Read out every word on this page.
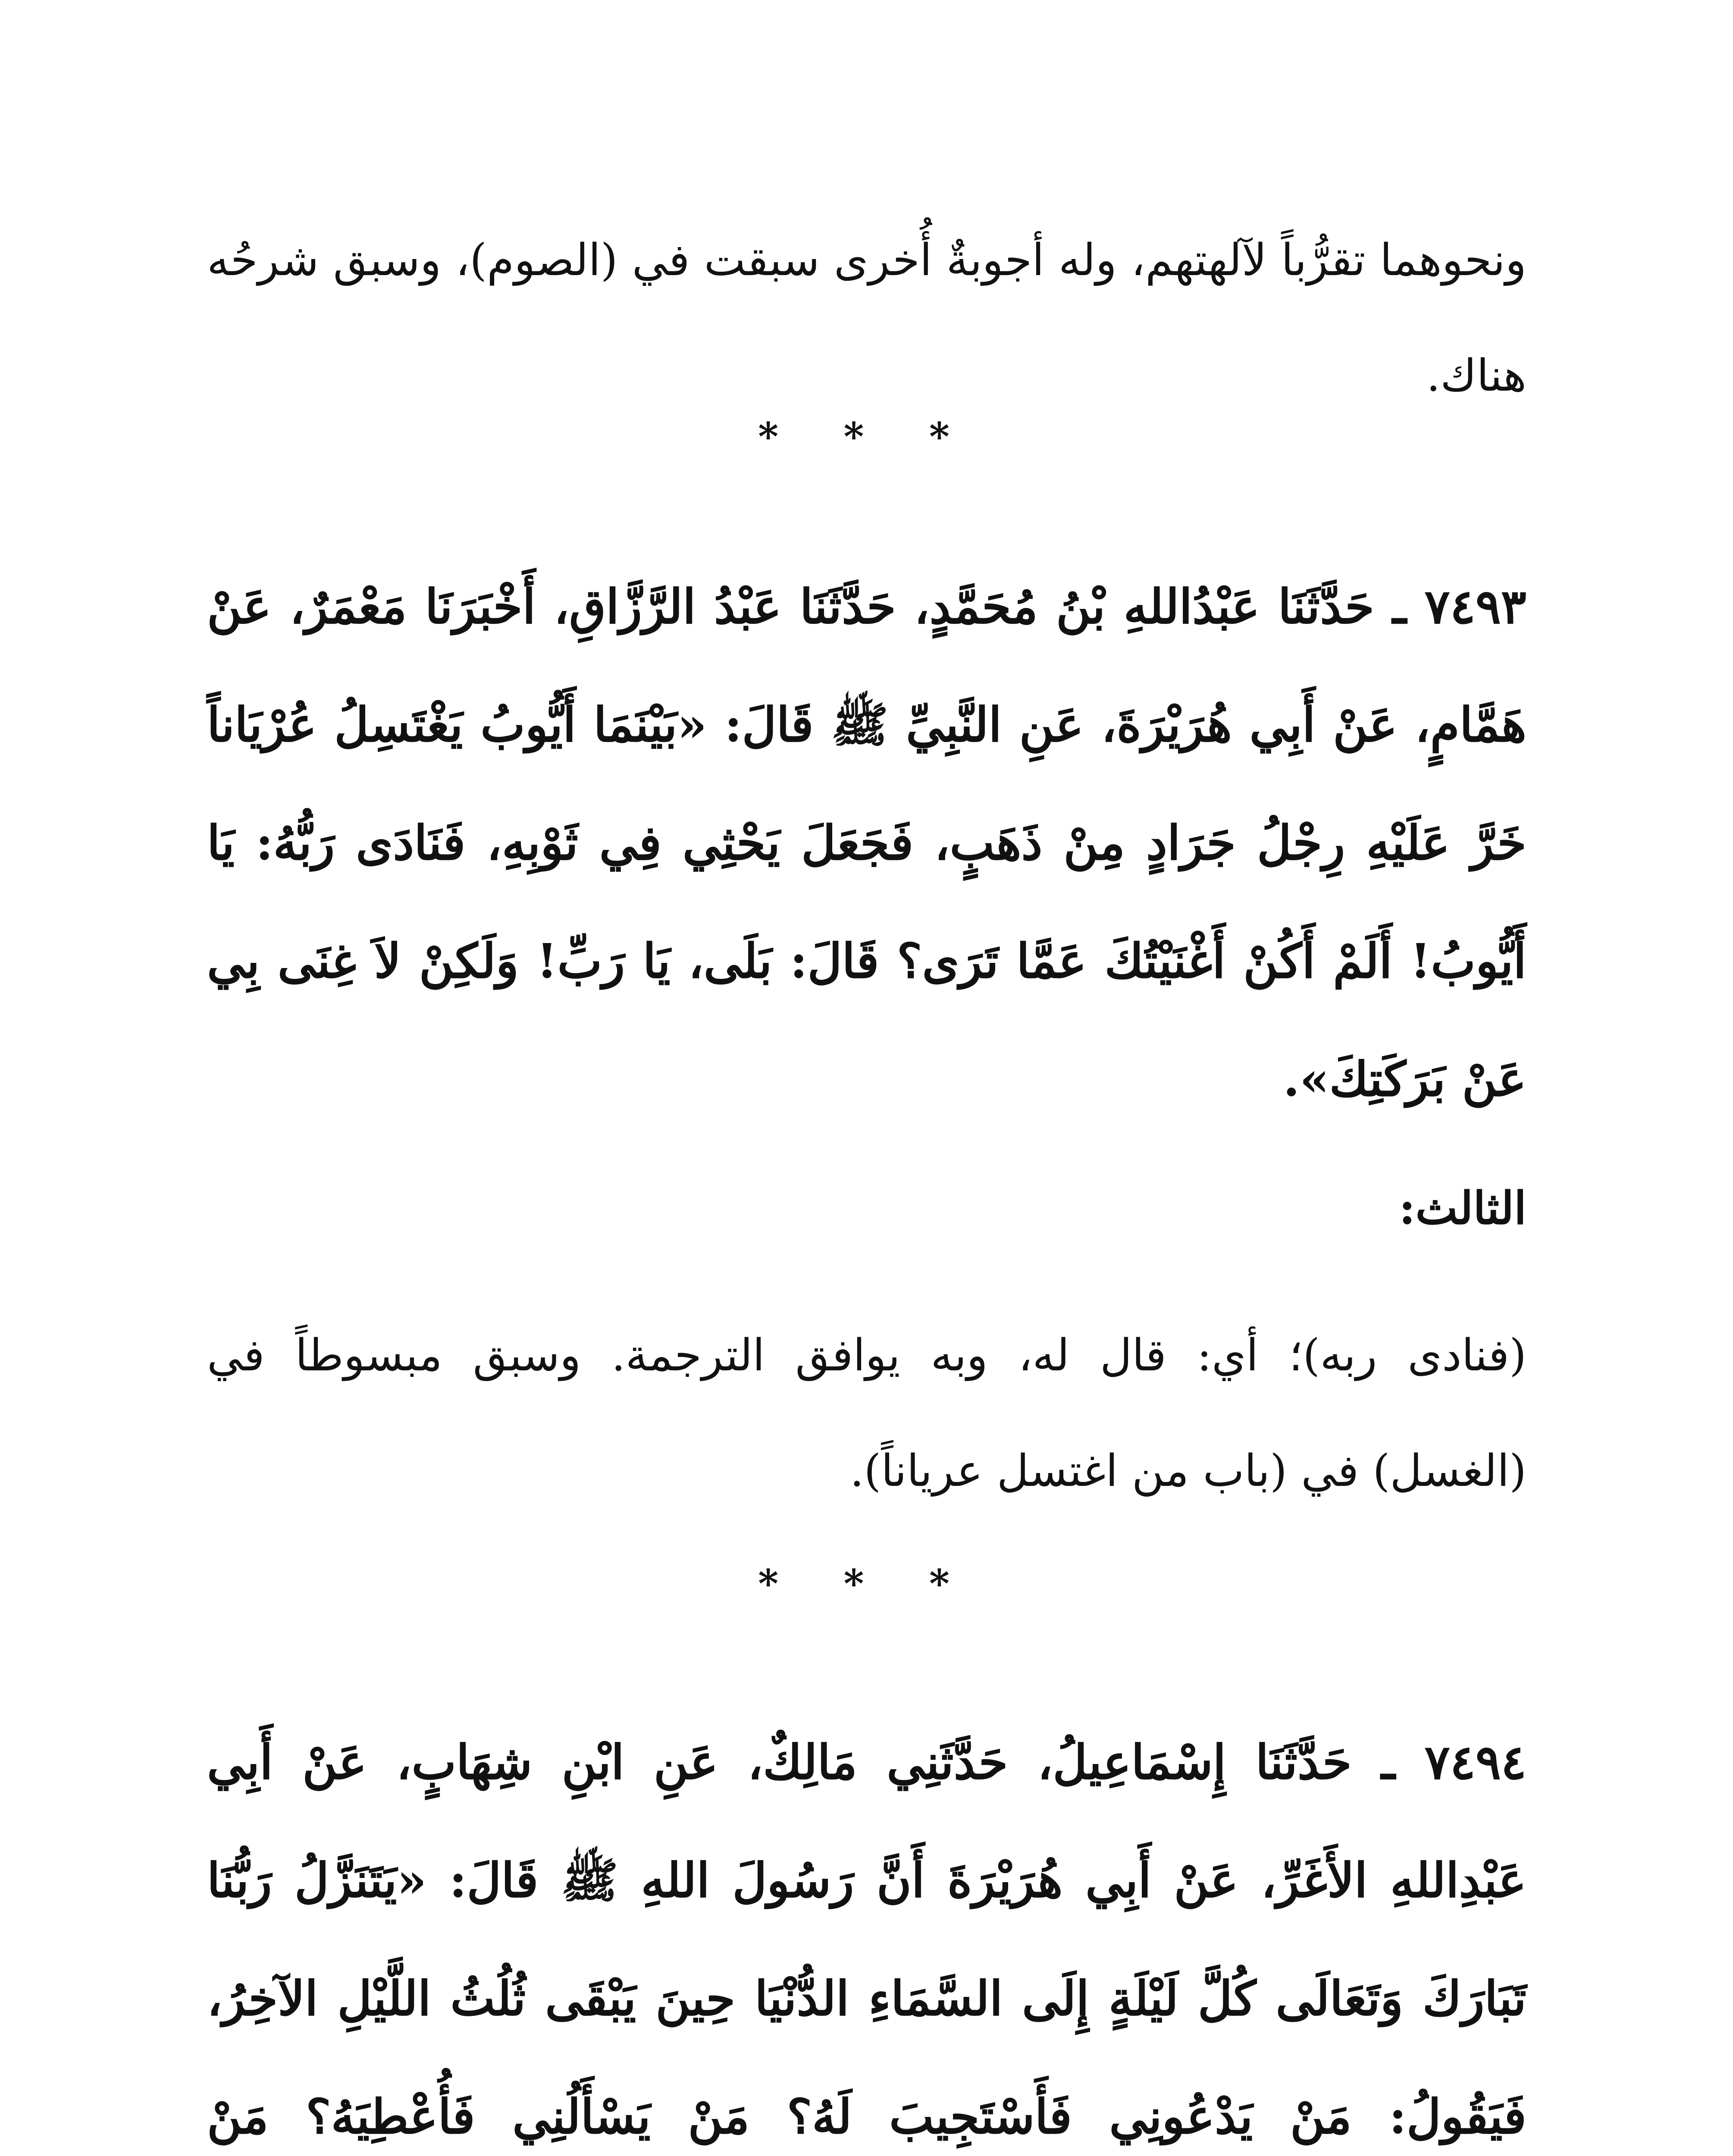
ونحوهما تقرُّباً لآلهتهم، وله أجوبةٌ أُخرى سبقت في (الصوم)، وسبق شرحُه هناك.
* * *
٧٤٩٣ ـ حَدَّثَنَا عَبْدُاللهِ بْنُ مُحَمَّدٍ، حَدَّثَنَا عَبْدُ الرَّزَّاقِ، أَخْبَرَنَا مَعْمَرٌ، عَنْ هَمَّامٍ، عَنْ أَبِي هُرَيْرَةَ، عَنِ النَّبِيِّ ﷺ قَالَ: «بَيْنَمَا أَيُّوبُ يَغْتَسِلُ عُرْيَاناً خَرَّ عَلَيْهِ رِجْلُ جَرَادٍ مِنْ ذَهَبٍ، فَجَعَلَ يَحْثِي فِي ثَوْبِهِ، فَنَادَى رَبُّهُ: يَا أَيُّوبُ! أَلَمْ أَكُنْ أَغْنَيْتُكَ عَمَّا تَرَى؟ قَالَ: بَلَى، يَا رَبِّ! وَلَكِنْ لاَ غِنَى بِي عَنْ بَرَكَتِكَ».
الثالث:
(فنادى ربه)؛ أي: قال له، وبه يوافق الترجمة. وسبق مبسوطاً في (الغسل) في (باب من اغتسل عرياناً).
* * *
٧٤٩٤ ـ حَدَّثَنَا إِسْمَاعِيلُ، حَدَّثَنِي مَالِكٌ، عَنِ ابْنِ شِهَابٍ، عَنْ أَبِي عَبْدِاللهِ الأَغَرِّ، عَنْ أَبِي هُرَيْرَةَ أَنَّ رَسُولَ اللهِ ﷺ قَالَ: «يَتَنَزَّلُ رَبُّنَا تَبَارَكَ وَتَعَالَى كُلَّ لَيْلَةٍ إِلَى السَّمَاءِ الدُّنْيَا حِينَ يَبْقَى ثُلُثُ اللَّيْلِ الآخِرُ، فَيَقُولُ: مَنْ يَدْعُونِي فَأَسْتَجِيبَ لَهُ؟ مَنْ يَسْأَلُنِي فَأُعْطِيَهُ؟ مَنْ
